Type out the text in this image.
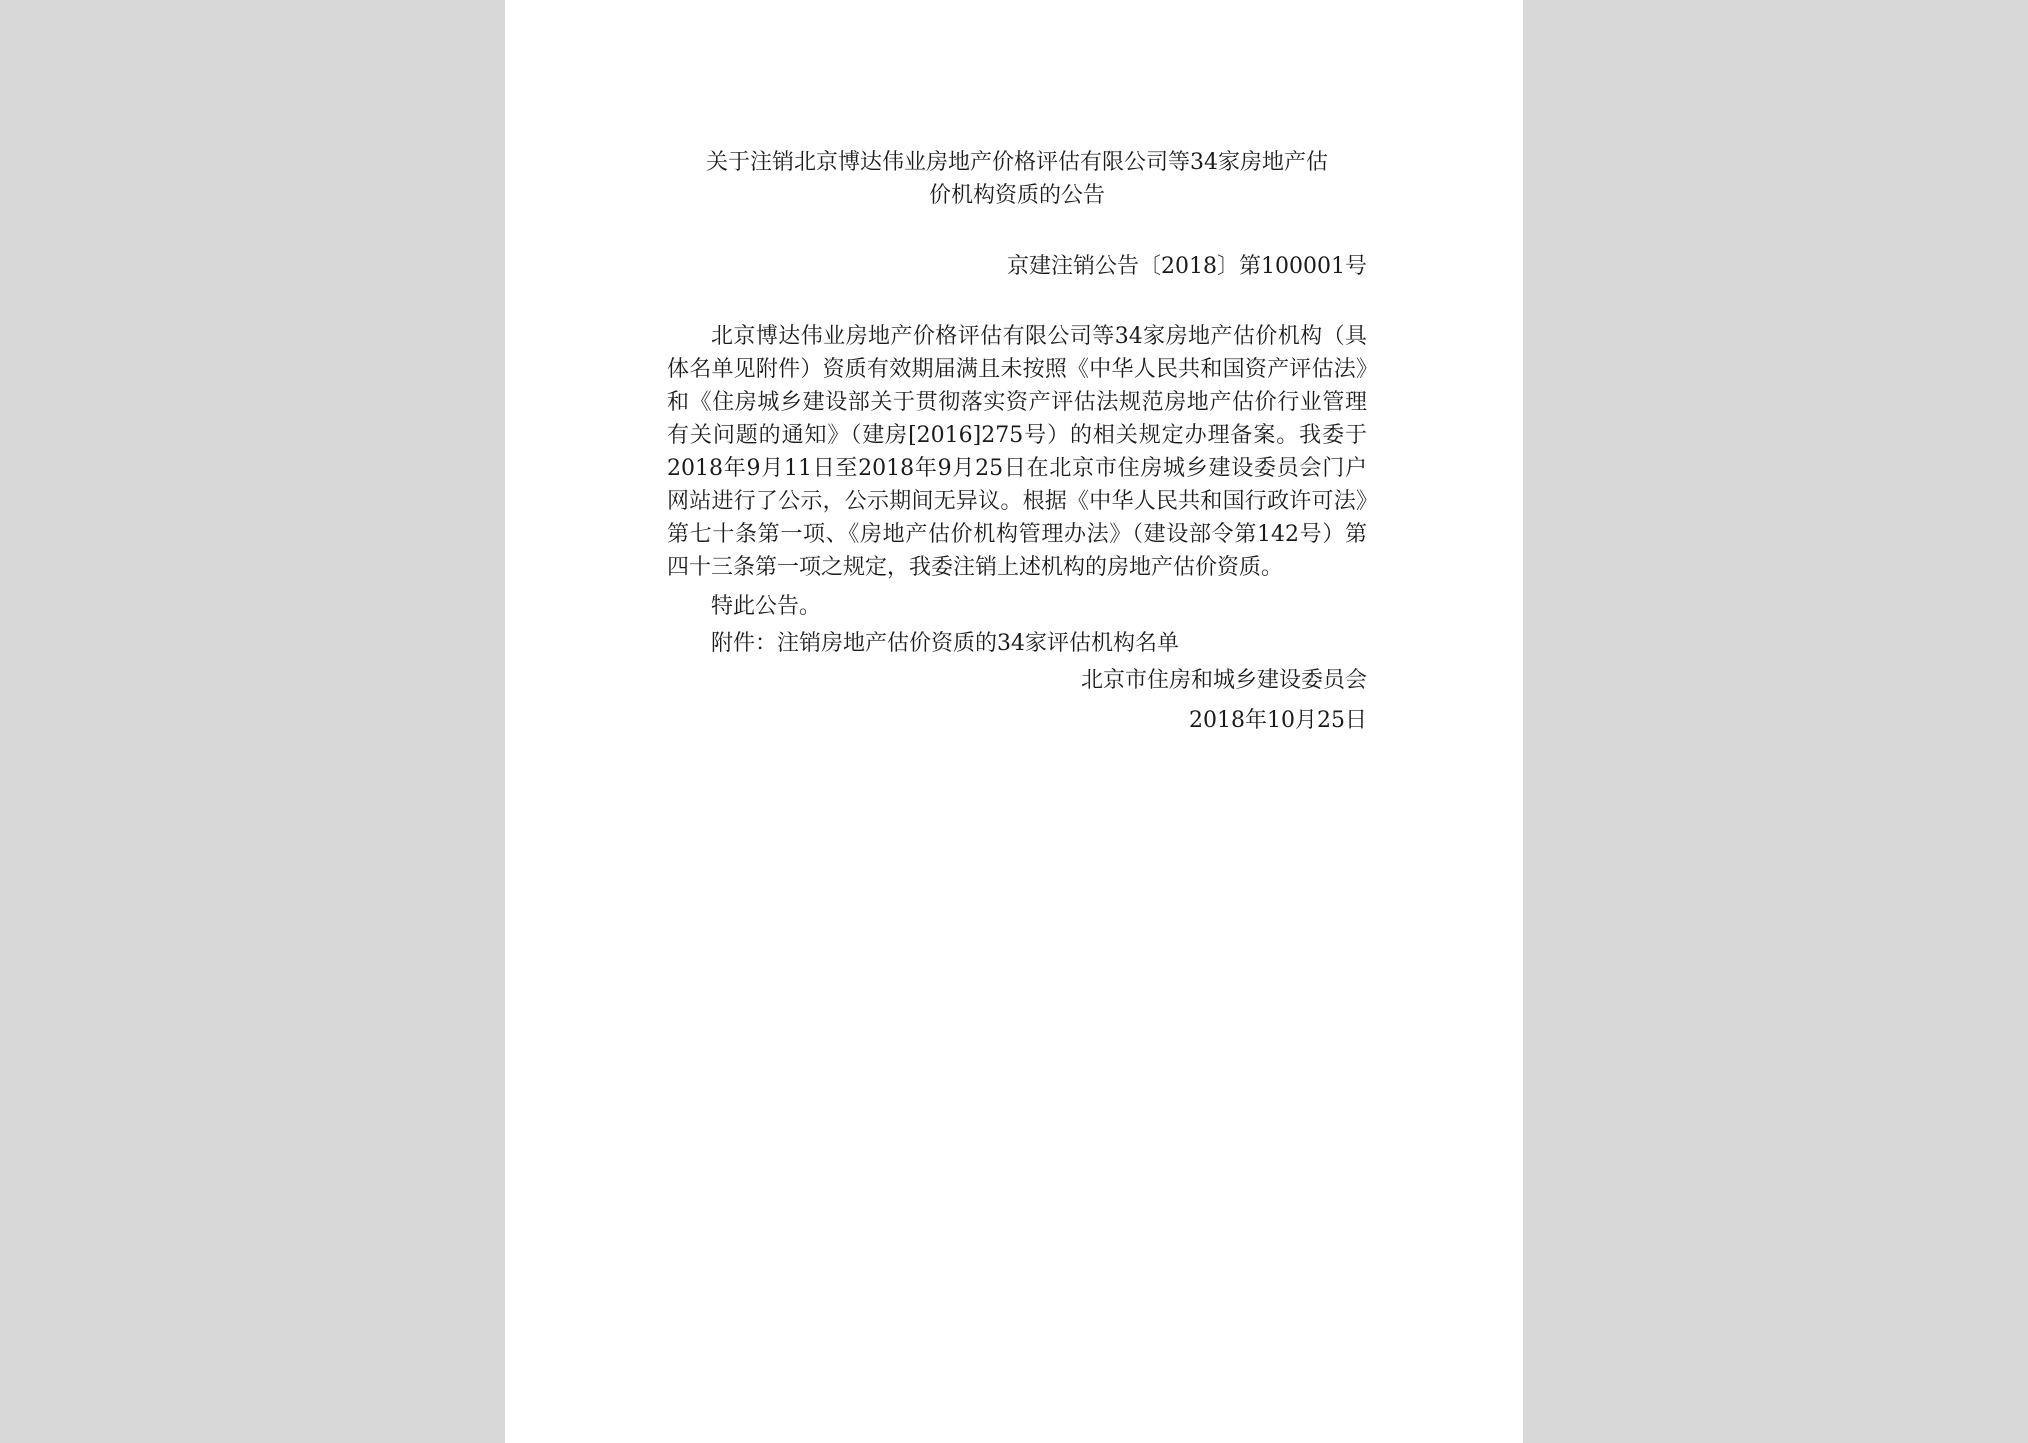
关于注销北京博达伟业房地产价格评估有限公司等34家房地产估
价机构资质的公告
京建注销公告〔2018〕第100001号

北京博达伟业房地产价格评估有限公司等34家房地产估价机构（具体名单见附件）资质有效期届满且未按照《中华人民共和国资产评估法》和《住房城乡建设部关于贯彻落实资产评估法规范房地产估价行业管理有关问题的通知》（建房[2016]275号）的相关规定办理备案。我委于2018年9月11日至2018年9月25日在北京市住房城乡建设委员会门户网站进行了公示，公示期间无异议。根据《中华人民共和国行政许可法》第七十条第一项、《房地产估价机构管理办法》（建设部令第142号）第四十三条第一项之规定，我委注销上述机构的房地产估价资质。

特此公告。

附件：注销房地产估价资质的34家评估机构名单

北京市住房和城乡建设委员会
2018年10月25日
